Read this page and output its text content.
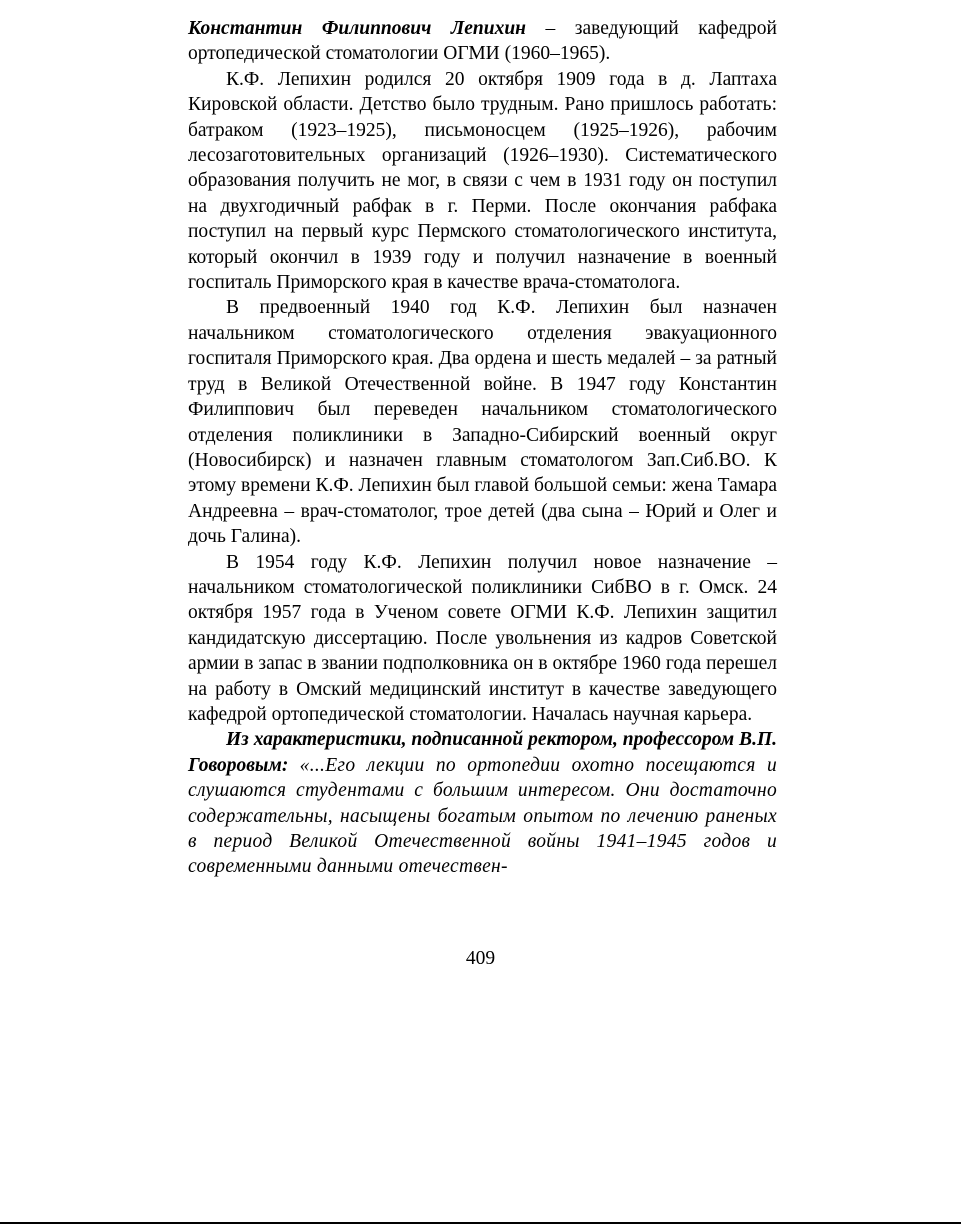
Константин Филиппович Лепихин – заведующий кафедрой ортопедической стоматологии ОГМИ (1960–1965).

К.Ф. Лепихин родился 20 октября 1909 года в д. Лаптаха Кировской области. Детство было трудным. Рано пришлось работать: батраком (1923–1925), письмоносцем (1925–1926), рабочим лесозаготовительных организаций (1926–1930). Систематического образования получить не мог, в связи с чем в 1931 году он поступил на двухгодичный рабфак в г. Перми. После окончания рабфака поступил на первый курс Пермского стоматологического института, который окончил в 1939 году и получил назначение в военный госпиталь Приморского края в качестве врача-стоматолога.

В предвоенный 1940 год К.Ф. Лепихин был назначен начальником стоматологического отделения эвакуационного госпиталя Приморского края. Два ордена и шесть медалей – за ратный труд в Великой Отечественной войне. В 1947 году Константин Филиппович был переведен начальником стоматологического отделения поликлиники в Западно-Сибирский военный округ (Новосибирск) и назначен главным стоматологом Зап.Сиб.ВО. К этому времени К.Ф. Лепихин был главой большой семьи: жена Тамара Андреевна – врач-стоматолог, трое детей (два сына – Юрий и Олег и дочь Галина).

В 1954 году К.Ф. Лепихин получил новое назначение – начальником стоматологической поликлиники СибВО в г. Омск. 24 октября 1957 года в Ученом совете ОГМИ К.Ф. Лепихин защитил кандидатскую диссертацию. После увольнения из кадров Советской армии в запас в звании подполковника он в октябре 1960 года перешел на работу в Омский медицинский институт в качестве заведующего кафедрой ортопедической стоматологии. Началась научная карьера.

Из характеристики, подписанной ректором, профессором В.П. Говоровым: «...Его лекции по ортопедии охотно посещаются и слушаются студентами с большим интересом. Они достаточно содержательны, насыщены богатым опытом по лечению раненых в период Великой Отечественной войны 1941–1945 годов и современными данными отечествен-

409
